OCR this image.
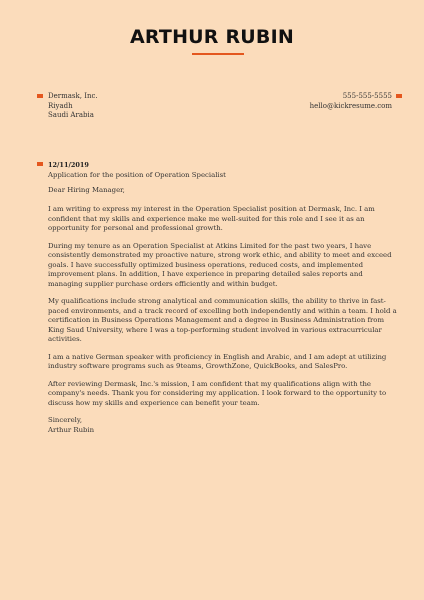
ARTHUR RUBIN
Dermask, Inc.
Riyadh
Saudi Arabia
555-555-5555
hello@kickresume.com
12/11/2019

Application for the position of Operation Specialist

Dear Hiring Manager,

I am writing to express my interest in the Operation Specialist position at Dermask, Inc. I am confident that my skills and experience make me well-suited for this role and I see it as an opportunity for personal and professional growth.

During my tenure as an Operation Specialist at Atkins Limited for the past two years, I have consistently demonstrated my proactive nature, strong work ethic, and ability to meet and exceed goals. I have successfully optimized business operations, reduced costs, and implemented improvement plans. In addition, I have experience in preparing detailed sales reports and managing supplier purchase orders efficiently and within budget.

My qualifications include strong analytical and communication skills, the ability to thrive in fast-paced environments, and a track record of excelling both independently and within a team. I hold a certification in Business Operations Management and a degree in Business Administration from King Saud University, where I was a top-performing student involved in various extracurricular activities.

I am a native German speaker with proficiency in English and Arabic, and I am adept at utilizing industry software programs such as 9teams, GrowthZone, QuickBooks, and SalesPro.

After reviewing Dermask, Inc.'s mission, I am confident that my qualifications align with the company's needs. Thank you for considering my application. I look forward to the opportunity to discuss how my skills and experience can benefit your team.

Sincerely,
Arthur Rubin
